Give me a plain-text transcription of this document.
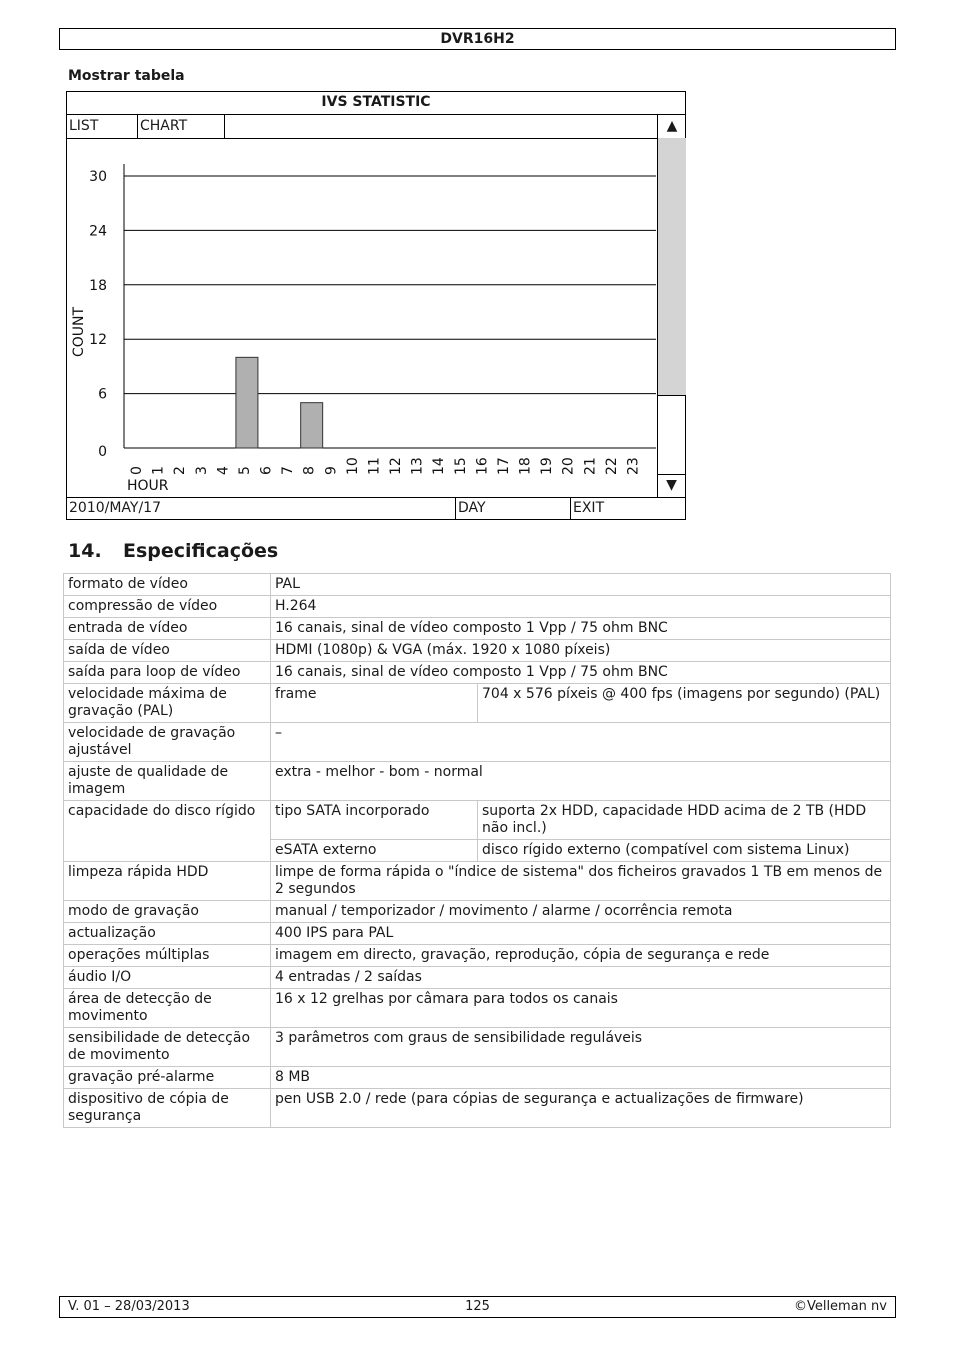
DVR16H2
Mostrar tabela
IVS STATISTIC
LIST	CHART	▲
0
6
12
18
24
30
0 1 2 3 4 5 6 7 8 9 10 11 12 13 14 15 16 17 18 19 20 21 22 23
COUNT
HOUR	▼
2010/MAY/17	DAY	EXIT
14. Especificações
formato de vídeo	PAL	
compressão de vídeo	H.264	
entrada de vídeo	16 canais, sinal de vídeo composto 1 Vpp / 75 ohm BNC	
saída de vídeo	HDMI (1080p) & VGA (máx. 1920 x 1080 píxeis)	
saída para loop de vídeo	16 canais, sinal de vídeo composto 1 Vpp / 75 ohm BNC	
velocidade máxima de gravação (PAL)	frame	704 x 576 píxeis @ 400 fps (imagens por segundo) (PAL)
velocidade de gravação ajustável	–	
ajuste de qualidade de imagem	extra - melhor - bom - normal	
capacidade do disco rígido	tipo SATA incorporado	suporta 2x HDD, capacidade HDD acima de 2 TB (HDD não incl.)
	eSATA externo	disco rígido externo (compatível com sistema Linux)
limpeza rápida HDD	limpe de forma rápida o "índice de sistema" dos ficheiros gravados 1 TB em menos de 2 segundos	
modo de gravação	manual / temporizador / movimento / alarme / ocorrência remota	
actualização	400 IPS para PAL	
operações múltiplas	imagem em directo, gravação, reprodução, cópia de segurança e rede	
áudio I/O	4 entradas / 2 saídas	
área de detecção de movimento	16 x 12 grelhas por câmara para todos os canais	
sensibilidade de detecção de movimento	3 parâmetros com graus de sensibilidade reguláveis	
gravação pré-alarme	8 MB	
dispositivo de cópia de segurança	pen USB 2.0 / rede (para cópias de segurança e actualizações de firmware)	
V. 01 – 28/03/2013	125	©Velleman nv
